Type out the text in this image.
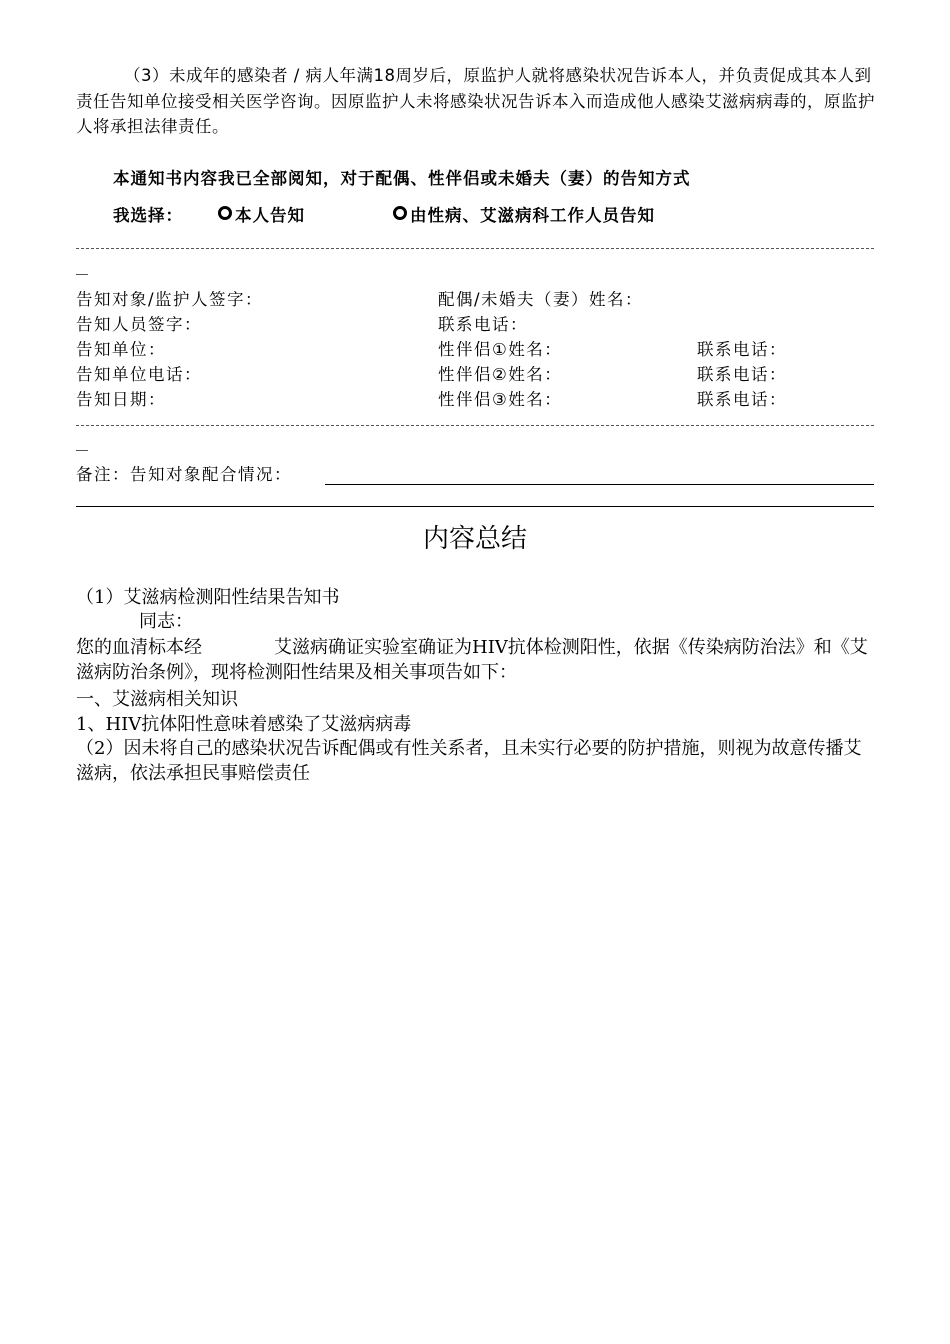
（3）未成年的感染者 / 病人年满18周岁后，原监护人就将感染状况告诉本人，并负责促成其本人到责任告知单位接受相关医学咨询。因原监护人未将感染状况告诉本入而造成他人感染艾滋病病毒的，原监护人将承担法律责任。
本通知书内容我已全部阅知，对于配偶、性伴侣或未婚夫（妻）的告知方式
我选择：	本人告知	由性病、艾滋病科工作人员告知
告知对象/监护人签字：
告知人员签字：
告知单位：
告知单位电话：
告知日期：
配偶/未婚夫（妻）姓名：
联系电话：
性伴侣①姓名：
性伴侣②姓名：
性伴侣③姓名：
联系电话：
联系电话：
联系电话：
备注：告知对象配合情况：
内容总结
（1）艾滋病检测阳性结果告知书
同志：
您的血清标本经　　　　艾滋病确证实验室确证为HIV抗体检测阳性，依据《传染病防治法》和《艾滋病防治条例》，现将检测阳性结果及相关事项告如下：
一、艾滋病相关知识
1、HIV抗体阳性意味着感染了艾滋病病毒
（2）因未将自己的感染状况告诉配偶或有性关系者，且未实行必要的防护措施，则视为故意传播艾滋病，依法承担民事赔偿责任
